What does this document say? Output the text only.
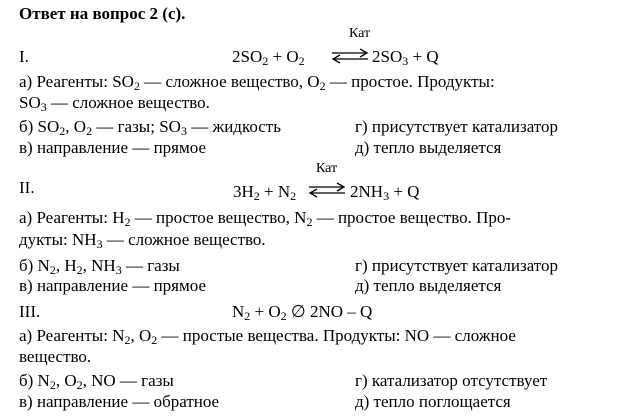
Ответ на вопрос 2 (с).
I.
Кат
$2SO_2 + O_2$ ⇌ $2SO_3 + Q$
а) Реагенты: $SO_2$ — сложное вещество, $O_2$ — простое. Продукты:
$SO_3$ — сложное вещество.
б) $SO_2$, $O_2$ — газы; $SO_3$ — жидкость	г) присутствует катализатор
в) направление — прямое	д) тепло выделяется
II.
Кат
$3H_2 + N_2$ ⇌ $2NH_3 + Q$
а) Реагенты: $H_2$ — простое вещество, $N_2$ — простое вещество. Про-
дукты: $NH_3$ — сложное вещество.
б) $N_2$, $H_2$, $NH_3$ — газы	г) присутствует катализатор
в) направление — прямое	д) тепло выделяется
III.	$N_2 + O_2$ ∅ 2NO – Q
а) Реагенты: $N_2$, $O_2$ — простые вещества. Продукты: NO — сложное
вещество.
б) $N_2$, $O_2$, NO — газы	г) катализатор отсутствует
в) направление — обратное	д) тепло поглощается
